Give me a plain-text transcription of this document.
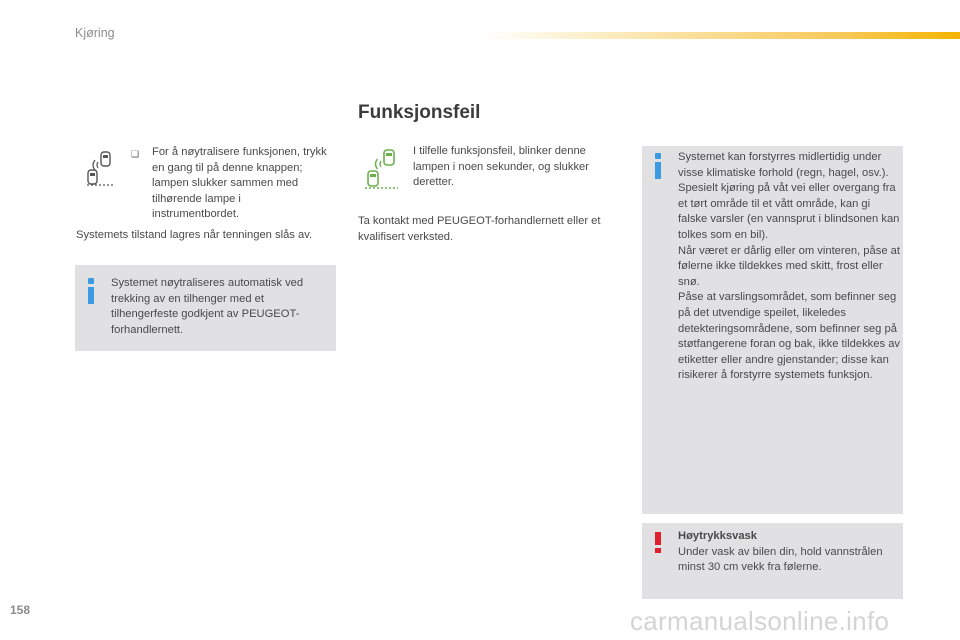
Kjøring
Funksjonsfeil
❑ For å nøytralisere funksjonen, trykk en gang til på denne knappen; lampen slukker sammen med tilhørende lampe i instrumentbordet.
Systemets tilstand lagres når tenningen slås av.
Systemet nøytraliseres automatisk ved trekking av en tilhenger med et tilhengerfeste godkjent av PEUGEOT-forhandlernett.
I tilfelle funksjonsfeil, blinker denne lampen i noen sekunder, og slukker deretter.
Ta kontakt med PEUGEOT-forhandlernett eller et kvalifisert verksted.
Systemet kan forstyrres midlertidig under visse klimatiske forhold (regn, hagel, osv.).
Spesielt kjøring på våt vei eller overgang fra et tørt område til et vått område, kan gi falske varsler (en vannsprut i blindsonen kan tolkes som en bil).
Når været er dårlig eller om vinteren, påse at følerne ikke tildekkes med skitt, frost eller snø.
Påse at varslingsområdet, som befinner seg på det utvendige speilet, likeledes detekteringsområdene, som befinner seg på støtfangerene foran og bak, ikke tildekkes av etiketter eller andre gjenstander; disse kan risikerer å forstyrre systemets funksjon.
Høytrykksvask
Under vask av bilen din, hold vannstrålen minst 30 cm vekk fra følerne.
158	carmanualsonline.info
